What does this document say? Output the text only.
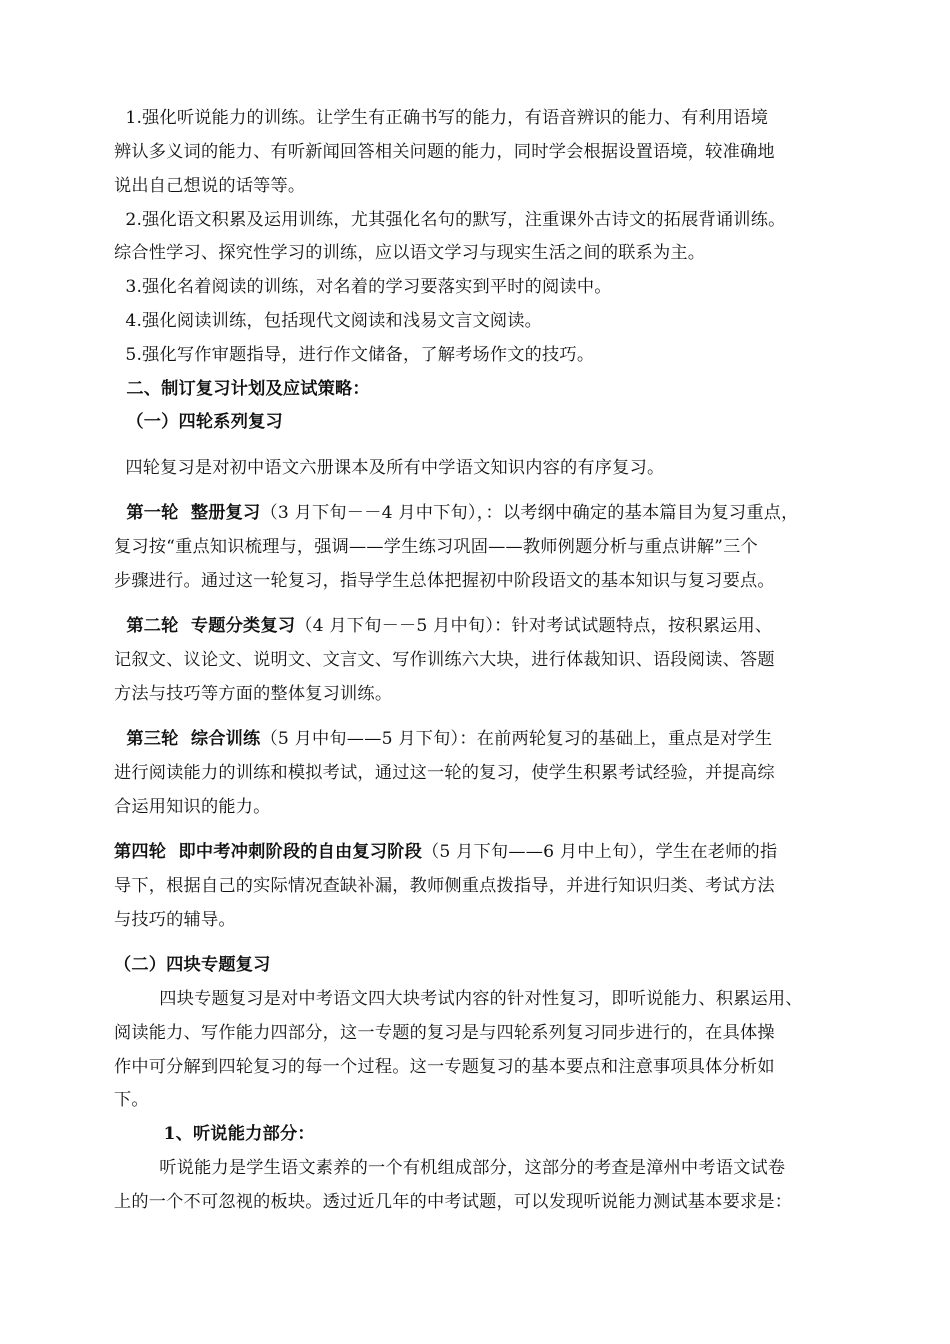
1.强化听说能力的训练。让学生有正确书写的能力，有语音辨识的能力、有利用语境
辨认多义词的能力、有听新闻回答相关问题的能力，同时学会根据设置语境，较准确地
说出自己想说的话等等。
2.强化语文积累及运用训练，尤其强化名句的默写，注重课外古诗文的拓展背诵训练。
综合性学习、探究性学习的训练，应以语文学习与现实生活之间的联系为主。
3.强化名着阅读的训练，对名着的学习要落实到平时的阅读中。
4.强化阅读训练，包括现代文阅读和浅易文言文阅读。
5.强化写作审题指导，进行作文储备，了解考场作文的技巧。
二、制订复习计划及应试策略：
（一）四轮系列复习
四轮复习是对初中语文六册课本及所有中学语文知识内容的有序复习。
第一轮  整册复习（3 月下旬－－4 月中下旬），：以考纲中确定的基本篇目为复习重点，
复习按“重点知识梳理与，强调——学生练习巩固——教师例题分析与重点讲解”三个
步骤进行。通过这一轮复习，指导学生总体把握初中阶段语文的基本知识与复习要点。
第二轮  专题分类复习（4 月下旬－－5 月中旬）：针对考试试题特点，按积累运用、
记叙文、议论文、说明文、文言文、写作训练六大块，进行体裁知识、语段阅读、答题
方法与技巧等方面的整体复习训练。
第三轮  综合训练（5 月中旬——5 月下旬）：在前两轮复习的基础上，重点是对学生
进行阅读能力的训练和模拟考试，通过这一轮的复习，使学生积累考试经验，并提高综
合运用知识的能力。
第四轮  即中考冲刺阶段的自由复习阶段（5 月下旬——6 月中上旬），学生在老师的指
导下，根据自己的实际情况查缺补漏，教师侧重点拨指导，并进行知识归类、考试方法
与技巧的辅导。
（二）四块专题复习
四块专题复习是对中考语文四大块考试内容的针对性复习，即听说能力、积累运用、
阅读能力、写作能力四部分，这一专题的复习是与四轮系列复习同步进行的，在具体操
作中可分解到四轮复习的每一个过程。这一专题复习的基本要点和注意事项具体分析如
下。
1、听说能力部分：
听说能力是学生语文素养的一个有机组成部分，这部分的考查是漳州中考语文试卷
上的一个不可忽视的板块。透过近几年的中考试题，可以发现听说能力测试基本要求是：
